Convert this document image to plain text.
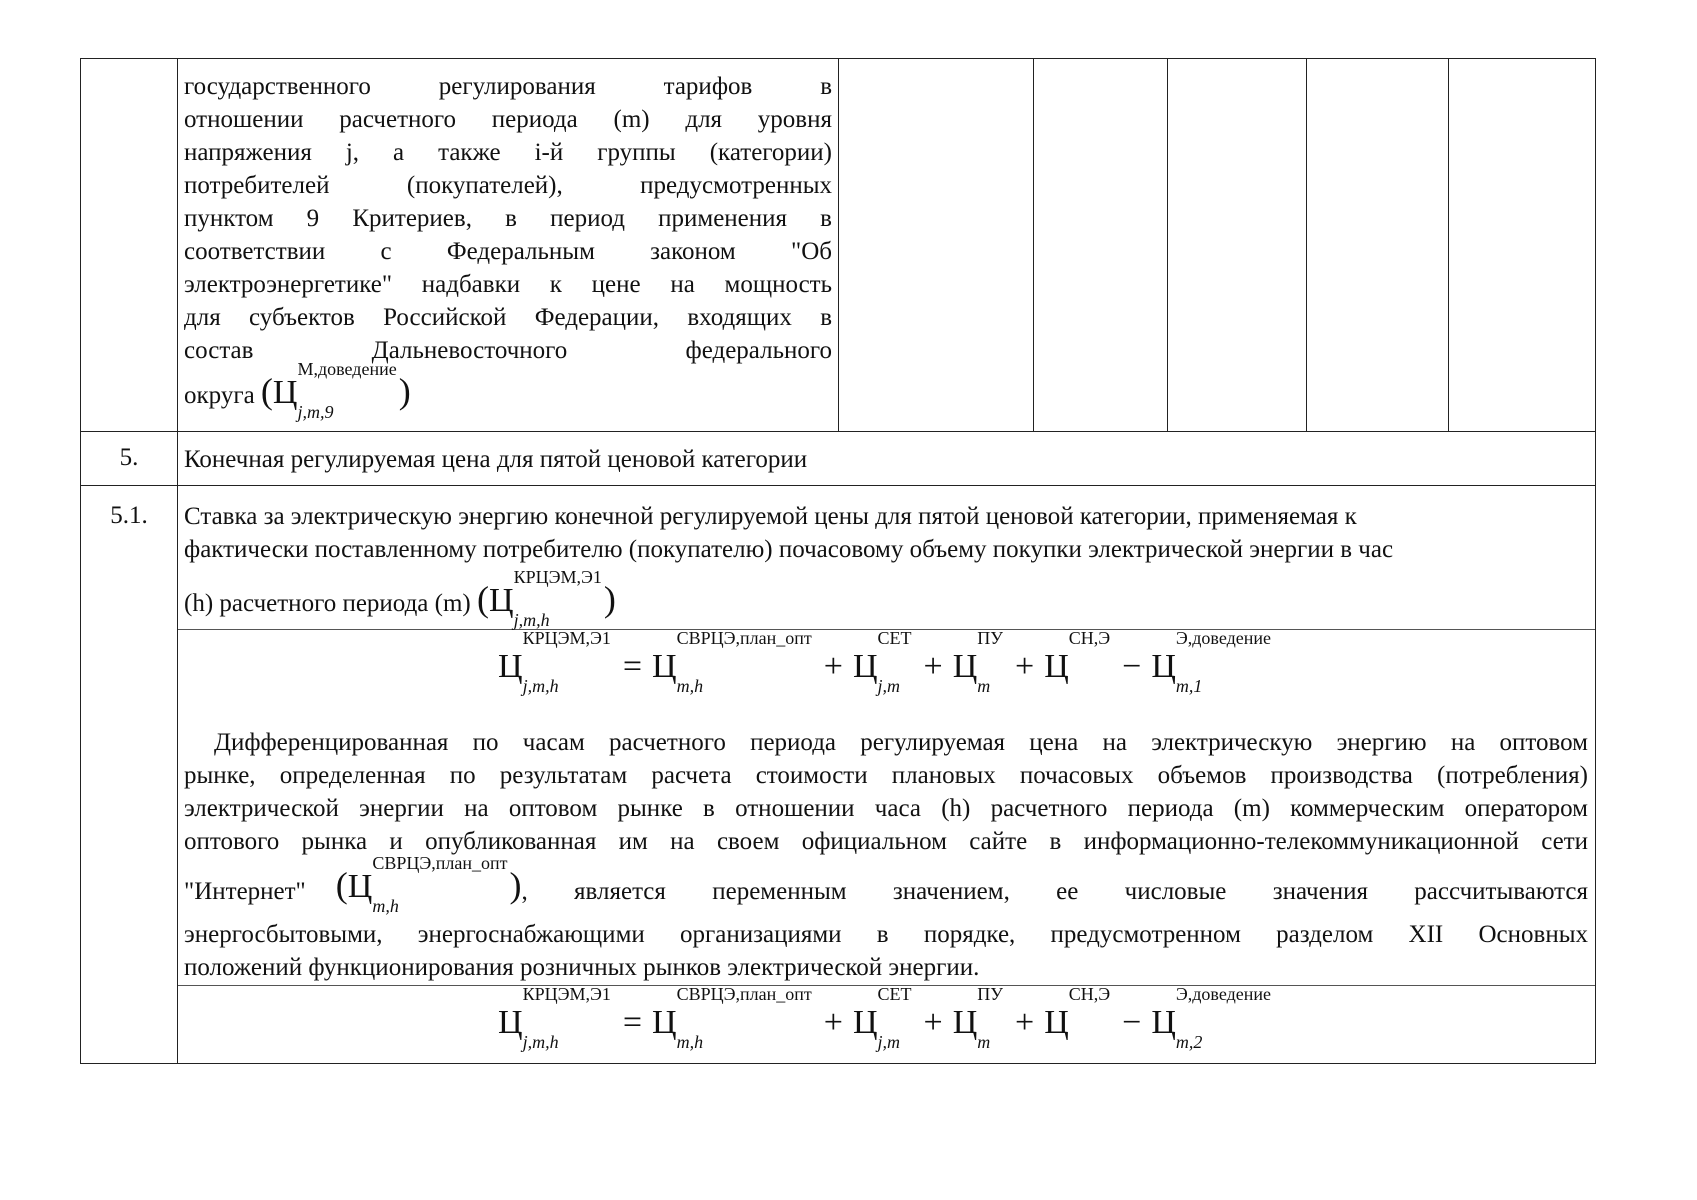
государственного регулирования тарифов в
отношении расчетного периода (m) для уровня
напряжения j, а также i-й группы (категории)
потребителей (покупателей), предусмотренных
пунктом 9 Критериев, в период применения в
соответствии с Федеральным законом "Об
электроэнергетике" надбавки к цене на мощность
для субъектов Российской Федерации, входящих в
состав Дальневосточного федерального
округа ($Ц^{М,доведение}$
j,m,9
)
5.	Конечная регулируемая цена для пятой ценовой категории
5.1.	Ставка за электрическую энергию конечной регулируемой цены для пятой ценовой категории, применяемая к
фактически поставленному потребителю (покупателю) почасовому объему покупки электрической энергии в час
(h) расчетного периода (m) ($Ц^{КРЦЭМ,Э1}$
j,m,h
)
ЦКРЦЭМ,Э1
j,m,h
= ЦСВРЦЭ,план_опт
m,h
+ ЦСЕТ
j,m
+ ЦПУ
m
+ ЦСН,Э
− ЦЭ,доведение
m,1
Дифференцированная по часам расчетного периода регулируемая цена на электрическую энергию на оптовом
рынке, определенная по результатам расчета стоимости плановых почасовых объемов производства (потребления)
электрической энергии на оптовом рынке в отношении часа (h) расчетного периода (m) коммерческим оператором
оптового рынка и опубликованная им на своем официальном сайте в информационно-телекоммуникационной сети
"Интернет" ($Ц^{СВРЦЭ,план\_опт}$
m,h
) , является переменным значением, ее числовые значения рассчитываются
энергосбытовыми, энергоснабжающими организациями в порядке, предусмотренном разделом XII Основных
положений функционирования розничных рынков электрической энергии.
ЦКРЦЭМ,Э1
j,m,h
= ЦСВРЦЭ,план_опт
m,h
+ ЦСЕТ
j,m
+ ЦПУ
m
+ ЦСН,Э
− ЦЭ,доведение
m,2
